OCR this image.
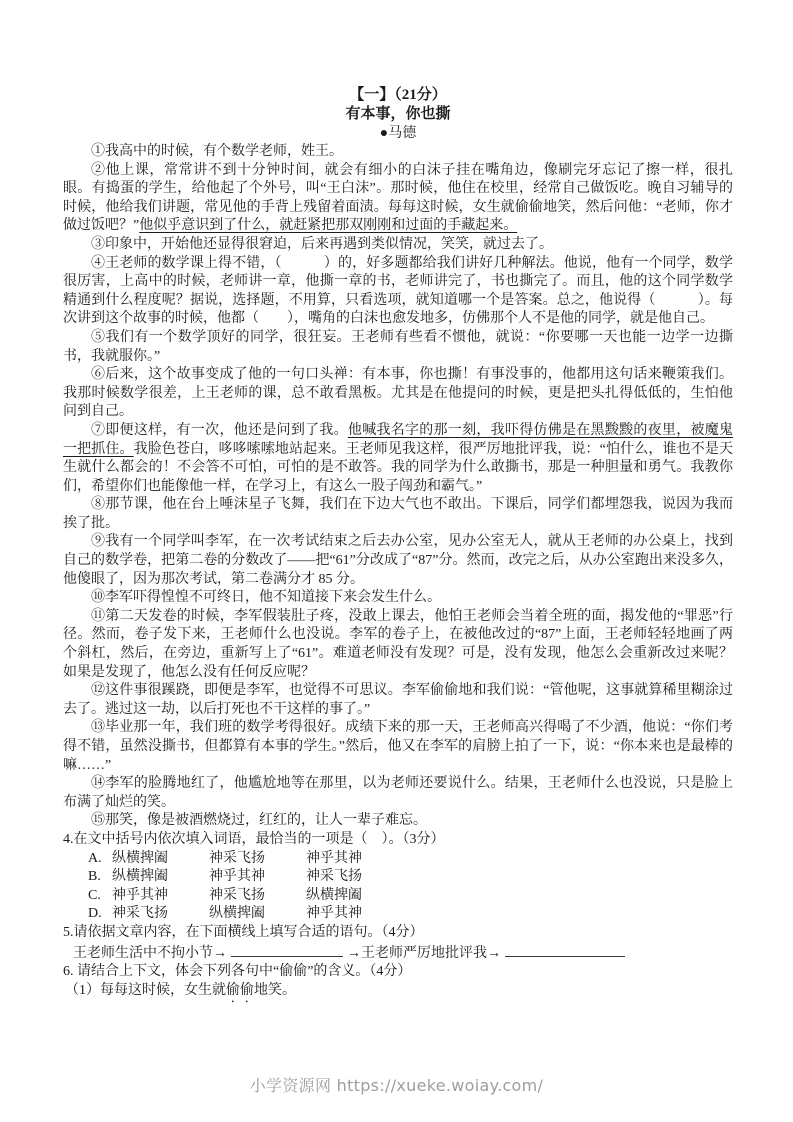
【一】（21分）
有本事，你也撕
●马德

①我高中的时候，有个数学老师，姓王。

②他上课，常常讲不到十分钟时间，就会有细小的白沫子挂在嘴角边，像刷完牙忘记了擦一样，很扎眼。有捣蛋的学生，给他起了个外号，叫“王白沫”。那时候，他住在校里，经常自己做饭吃。晚自习辅导的时候，他给我们讲题，常见他的手背上残留着面渍。每每这时候，女生就偷偷地笑，然后问他：“老师，你才做过饭吧？”他似乎意识到了什么，就赶紧把那双刚刚和过面的手藏起来。

③印象中，开始他还显得很窘迫，后来再遇到类似情况，笑笑，就过去了。

④王老师的数学课上得不错，（　　　）的，好多题都给我们讲好几种解法。他说，他有一个同学，数学很厉害，上高中的时候，老师讲一章，他撕一章的书，老师讲完了，书也撕完了。而且，他的这个同学数学精通到什么程度呢？据说，选择题，不用算，只看选项，就知道哪一个是答案。总之，他说得（　　　）。每次讲到这个故事的时候，他都（　　），嘴角的白沫也愈发地多，仿佛那个人不是他的同学，就是他自己。

⑤我们有一个数学顶好的同学，很狂妄。王老师有些看不惯他，就说：“你要哪一天也能一边学一边撕书，我就服你。”

⑥后来，这个故事变成了他的一句口头禅：有本事，你也撕！有事没事的，他都用这句话来鞭策我们。我那时候数学很差，上王老师的课，总不敢看黑板。尤其是在他提问的时候，更是把头扎得低低的，生怕他问到自己。

⑦即便这样，有一次，他还是问到了我。他喊我名字的那一刻，我吓得仿佛是在黑黢黢的夜里，被魔鬼一把抓住。我脸色苍白，哆哆嗦嗦地站起来。王老师见我这样，很严厉地批评我，说：“怕什么，谁也不是天生就什么都会的！不会答不可怕，可怕的是不敢答。我的同学为什么敢撕书，那是一种胆量和勇气。我教你们，希望你们也能像他一样，在学习上，有这么一股子闯劲和霸气。”

⑧那节课，他在台上唾沫星子飞舞，我们在下边大气也不敢出。下课后，同学们都埋怨我，说因为我而挨了批。

⑨我有一个同学叫李军，在一次考试结束之后去办公室，见办公室无人，就从王老师的办公桌上，找到自己的数学卷，把第二卷的分数改了——把“61”分改成了“87”分。然而，改完之后，从办公室跑出来没多久，他傻眼了，因为那次考试，第二卷满分才 85 分。

⑩李军吓得惶惶不可终日，他不知道接下来会发生什么。

⑪第二天发卷的时候，李军假装肚子疼，没敢上课去，他怕王老师会当着全班的面，揭发他的“罪恶”行径。然而，卷子发下来，王老师什么也没说。李军的卷子上，在被他改过的“87”上面，王老师轻轻地画了两个斜杠，然后，在旁边，重新写上了“61”。难道老师没有发现？可是，没有发现，他怎么会重新改过来呢？如果是发现了，他怎么没有任何反应呢？

⑫这件事很蹊跷，即便是李军，也觉得不可思议。李军偷偷地和我们说：“管他呢，这事就算稀里糊涂过去了。逃过这一劫，以后打死也不干这样的事了。”

⑬毕业那一年，我们班的数学考得很好。成绩下来的那一天，王老师高兴得喝了不少酒，他说：“你们考得不错，虽然没撕书，但都算有本事的学生。”然后，他又在李军的肩膀上拍了一下，说：“你本来也是最棒的嘛……”

⑭李军的脸腾地红了，他尴尬地等在那里，以为老师还要说什么。结果，王老师什么也没说，只是脸上布满了灿烂的笑。

⑮那笑，像是被酒燃烧过，红红的，让人一辈子难忘。

4.在文中括号内依次填入词语，最恰当的一项是（　）。（3分）
A. 纵横捭阖	神采飞扬	神乎其神
B. 纵横捭阖	神乎其神	神采飞扬
C. 神乎其神	神采飞扬	纵横捭阖
D. 神采飞扬	纵横捭阖	神乎其神
5.请依据文章内容，在下面横线上填写合适的语句。（4分）
王老师生活中不拘小节→	→王老师严厉地批评我→
6. 请结合上下文，体会下列各句中“偷偷”的含义。（4分）
（1）每每这时候，女生就偷偷地笑。
小学资源网 https://xueke.woiay.com/
